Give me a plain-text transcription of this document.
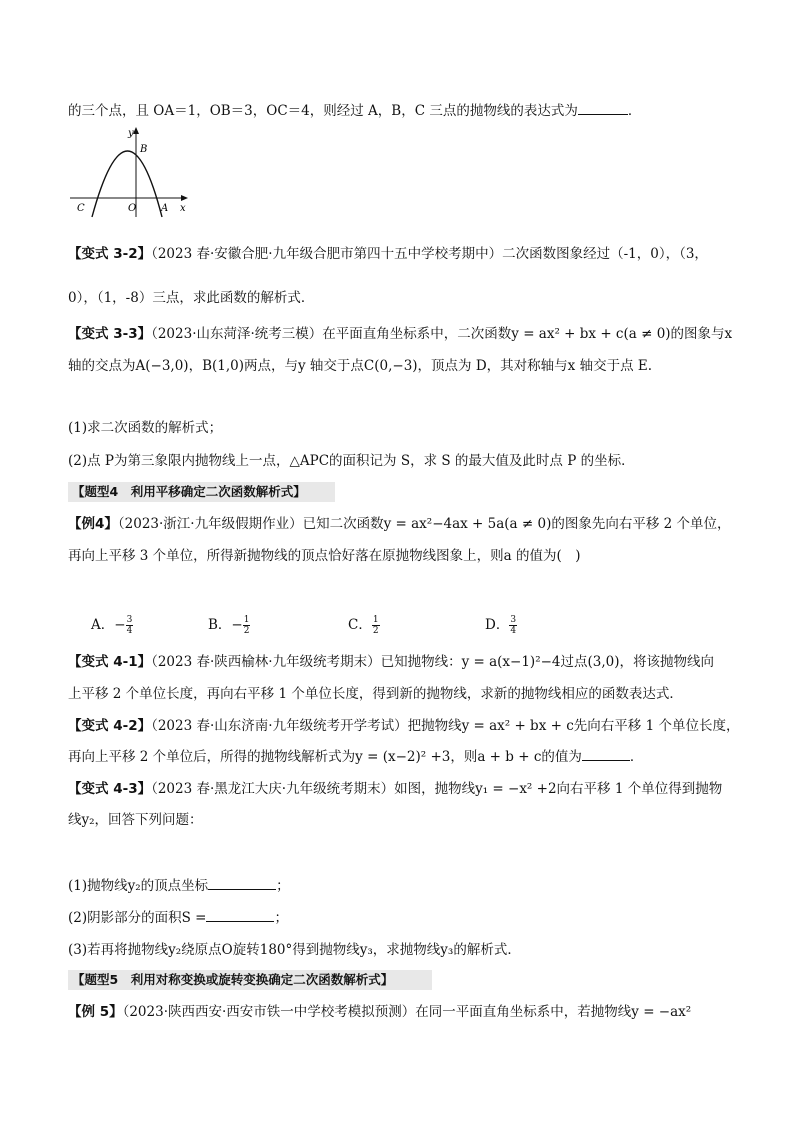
的三个点，且 OA＝1，OB＝3，OC＝4，则经过 A，B，C 三点的抛物线的表达式为	．
y
x
B
O
C	A
【变式 3-2】（2023 春·安徽合肥·九年级合肥市第四十五中学校考期中）二次函数图象经过（-1，0），（3，
0），（1，-8）三点，求此函数的解析式．
【变式 3-3】（2023·山东菏泽·统考三模）在平面直角坐标系中，二次函数y = ax² + bx + c(a ≠ 0)的图象与x
轴的交点为A(−3,0)，B(1,0)两点，与y 轴交于点C(0,−3)，顶点为 D，其对称轴与x 轴交于点 E.
(1)求二次函数的解析式；
(2)点 P为第三象限内抛物线上一点，△APC的面积记为 S，求 S 的最大值及此时点 P 的坐标．
【题型4　利用平移确定二次函数解析式】
【例4】（2023·浙江·九年级假期作业）已知二次函数y = ax²−4ax + 5a(a ≠ 0)的图象先向右平移 2 个单位，
再向上平移 3 个单位，所得新抛物线的顶点恰好落在原抛物线图象上，则a 的值为(　)
A．− $\frac{3}{4}$	B．− $\frac{1}{2}$	C． $\frac{1}{2}$	D． $\frac{3}{4}$
【变式 4-1】（2023 春·陕西榆林·九年级统考期末）已知抛物线：y = a(x−1)²−4过点(3,0)，将该抛物线向
上平移 2 个单位长度，再向右平移 1 个单位长度，得到新的抛物线，求新的抛物线相应的函数表达式．
【变式 4-2】（2023 春·山东济南·九年级统考开学考试）把抛物线y = ax² + bx + c先向右平移 1 个单位长度，
再向上平移 2 个单位后，所得的抛物线解析式为y = (x−2)² +3，则a + b + c的值为	．
【变式 4-3】（2023 春·黑龙江大庆·九年级统考期末）如图，抛物线y₁ = −x² +2向右平移 1 个单位得到抛物
线y₂，回答下列问题：
(1)抛物线y₂的顶点坐标	；
(2)阴影部分的面积S =	；
(3)若再将抛物线y₂绕原点O旋转180°得到抛物线y₃，求抛物线y₃的解析式．
【题型5　利用对称变换或旋转变换确定二次函数解析式】
【例 5】（2023·陕西西安·西安市铁一中学校考模拟预测）在同一平面直角坐标系中，若抛物线y = −ax²
